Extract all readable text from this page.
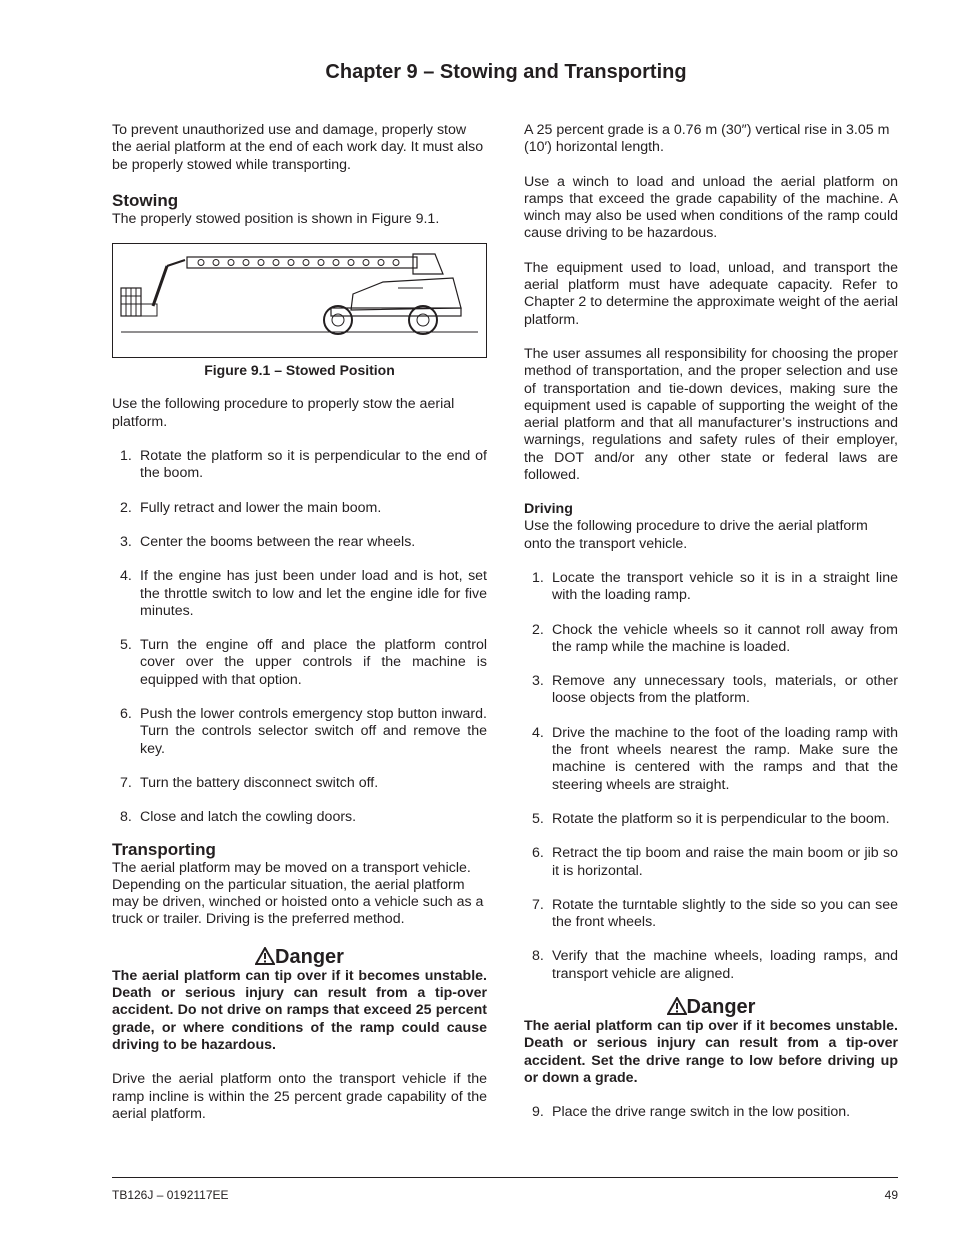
Chapter 9 – Stowing and Transporting

To prevent unauthorized use and damage, properly stow the aerial platform at the end of each work day. It must also be properly stowed while transporting.

Stowing

The properly stowed position is shown in Figure 9.1.

Figure 9.1 – Stowed Position

Use the following procedure to properly stow the aerial platform.

1. Rotate the platform so it is perpendicular to the end of the boom.
2. Fully retract and lower the main boom.
3. Center the booms between the rear wheels.
4. If the engine has just been under load and is hot, set the throttle switch to low and let the engine idle for five minutes.
5. Turn the engine off and place the platform control cover over the upper controls if the machine is equipped with that option.
6. Push the lower controls emergency stop button inward. Turn the controls selector switch off and remove the key.
7. Turn the battery disconnect switch off.
8. Close and latch the cowling doors.
Transporting

The aerial platform may be moved on a transport vehicle. Depending on the particular situation, the aerial platform may be driven, winched or hoisted onto a vehicle such as a truck or trailer. Driving is the preferred method.

Danger

The aerial platform can tip over if it becomes unstable. Death or serious injury can result from a tip-over accident. Do not drive on ramps that exceed 25 percent grade, or where conditions of the ramp could cause driving to be hazardous.

Drive the aerial platform onto the transport vehicle if the ramp incline is within the 25 percent grade capability of the aerial platform.

A 25 percent grade is a 0.76 m (30″) vertical rise in 3.05 m (10′) horizontal length.

Use a winch to load and unload the aerial platform on ramps that exceed the grade capability of the machine. A winch may also be used when conditions of the ramp could cause driving to be hazardous.

The equipment used to load, unload, and transport the aerial platform must have adequate capacity. Refer to Chapter 2 to determine the approximate weight of the aerial platform.

The user assumes all responsibility for choosing the proper method of transportation, and the proper selection and use of transportation and tie-down devices, making sure the equipment used is capable of supporting the weight of the aerial platform and that all manufacturer’s instructions and warnings, regulations and safety rules of their employer, the DOT and/or any other state or federal laws are followed.

Driving

Use the following procedure to drive the aerial platform onto the transport vehicle.

1. Locate the transport vehicle so it is in a straight line with the loading ramp.
2. Chock the vehicle wheels so it cannot roll away from the ramp while the machine is loaded.
3. Remove any unnecessary tools, materials, or other loose objects from the platform.
4. Drive the machine to the foot of the loading ramp with the front wheels nearest the ramp. Make sure the machine is centered with the ramps and that the steering wheels are straight.
5. Rotate the platform so it is perpendicular to the boom.
6. Retract the tip boom and raise the main boom or jib so it is horizontal.
7. Rotate the turntable slightly to the side so you can see the front wheels.
8. Verify that the machine wheels, loading ramps, and transport vehicle are aligned.
Danger

The aerial platform can tip over if it becomes unstable. Death or serious injury can result from a tip-over accident. Set the drive range to low before driving up or down a grade.

9. Place the drive range switch in the low position.
TB126J – 0192117EE	49
